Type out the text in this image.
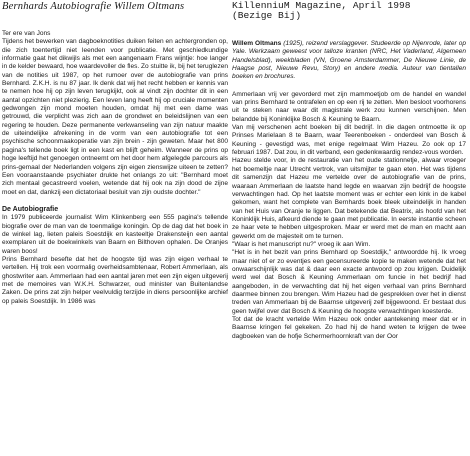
Bernhards Autobiografie Willem Oltmans	KillenniuM Magazine, April 1998
(Bezige Bij)

Ter ere van Jons

Tijdens het bewerken van dagboeknotities duiken feiten en achtergronden op, die zich toentertijd niet leenden voor publicatie. Met geschiedkundige informatie gaat het dikwijls als met een aangenaam Frans wijntje: hoe langer in de kelder bewaard, hoe waardevoller de fles. Zo stuitte ik, bij het teruglezen van de notities uit 1987, op het rumoer over de autobiografie van prins Bernhard. Z.K.H. is nu 87 jaar. Ik denk dat wij het recht hebben er kennis van te nemen hoe hij op zijn leven terugkijkt, ook al vindt zijn dochter dit in een aantal opzichten niet plezierig. Een leven lang heeft hij op cruciale momenten gedwongen zijn mond moeten houden, omdat hij met een dame was getrouwd, die verplicht was zich aan de grondwet en beleidslijnen van een regering te houden. Deze permanente verkwanseling van zijn natuur maakte de uiteindelijke afrekening in de vorm van een autobiografie tot een psychische schoonmaakoperatie van zijn brein - zijn geweten. Maar het 800 pagina's tellende boek ligt in een kast en blijft geheim. Wanneer de prins op hoge leeftijd het genoegen ontneemt om het door hem afgelegde parcours als prins-gemaal der Nederlanden volgens zijn eigen zienswijze uiteen te zetten? Een vooraanstaande psychiater drukte het onlangs zo uit: "Bernhard moet zich mentaal gecastreerd voelen, wetende dat hij ook na zijn dood de zijne moet en dat, dankzij een dictatoriaal besluit van zijn oudste dochter."

De Autobiografie

In 1979 publiceerde journalist Wim Klinkenberg een 555 pagina's tellende biografie over de man van de toenmalige koningin. Op de dag dat het boek in de winkel lag, lieten paleis Soestdijk en kasteeltje Drakensteijn een aantal exemplaren uit de boekwinkels van Baarn en Bilthoven ophalen. De Oranjes waren boos!

Prins Bernhard besefte dat het de hoogste tijd was zijn eigen verhaal te vertellen. Hij trok een voormalig overheidsambtenaar, Robert Ammerlaan, als ghostwriter aan. Ammerlaan had een aantal jaren met een zijn eigen uitgeverij met de memoires van W.K.H. Schwarzer, oud minister van Buitenlandse Zaken. De prins zat zijn helper veelvuldig terzijde in diens persoonlijke archief op paleis Soestdijk. In 1986 was

Willem Oltmans (1925), reizend verslaggever. Studeerde op Nijenrode, later op Yale. Werkzaam geweest voor talloze kranten (NRC, Het Vaderland, Algemeen Handelsblad), weekbladen (VN, Groene Amsterdammer, De Nieuwe Linie, de Haagse post, Nieuwe Revu, Story) en andere media. Auteur van tientallen boeken en brochures.

Ammerlaan vrij ver gevorderd met zijn mammoetjob om de handel en wandel van prins Bernhard te ontrafelen en op een rij te zetten. Men besloot voorhorens uit te steken naar waar dit magistrale werk zou kunnen verschijnen. Men belandde bij Koninklijke Bosch & Keuning te Baarn.

Van mij verschenen acht boeken bij dit bedrijf. In die dagen ontmoette ik op Prinses Marielaan 8 te Baarn, waar Teerenboeken - onderdeel van Bosch & Keuning - gevestigd was, met enige regelmaat Wim Hazeu. Zo ook op 17 februari 1987. Dat zou, in dit verband, een gedenkwaardig rendez-vous worden.

Hazeu stelde voor, in de restauratie van het oude stationnetje, alwaar vroeger het boemeltje naar Utrecht vertrok, van uitsmijter te gaan eten. Het was tijdens dit samenzijn dat Hazeu me vertelde over de autobiografie van de prins, waaraan Ammerlaan de laatste hand legde en waarvan zijn bedrijf de hoogste verwachtingen had. Op het laatste moment was er echter een kink in de kabel gekomen, want het complete van Bernhards boek bleek uiteindelijk in handen van het Huis van Oranje te liggen. Dat betekende dat Beatrix, als hoofd van het Koninklijk Huis, afkeurd diende te gaan met publicatie. In eerste instantie scheen ze haar vete te hebben uitgesproken. Maar er werd met de man en macht aan gewerkt om de majesteit om te turnen.

"Waar is het manuscript nu?" vroeg ik aan Wim.

"Het is in het bezit van prins Bernhard op Soestdijk," antwoordde hij. Ik vroeg maar niet of er zo eventjes een gecensureerde kopie te maken wetende dat het onwaarschijnlijk was dat & daar een exacte antwoord op zou krijgen. Duidelijk werd wel dat Bosch & Keuning Ammerlaan om funcie in het bedrijf had aangeboden, in de verwachting dat hij het eigen verhaal van prins Bernhard daarmee binnen zou brengen. Wim Hazeu had de gesprekken over het in dienst treden van Ammerlaan bij de Baarnse uitgeverij zelf bijgewoond. Er bestaat dus geen twijfel over dat Bosch & Keuning de hoogste verwachtingen koesterde.

Tot dat de kracht vertelde Wim Hazeu ook onder aantekening meer dat er in Baarnse kringen fel gekeken. Zo had hij de hand weten te krijgen de twee dagboeken van de hofje Schermerhoornkraft van der Oor
